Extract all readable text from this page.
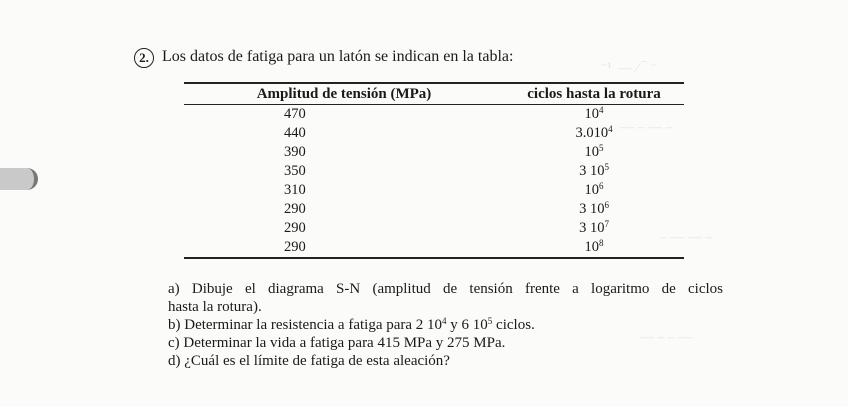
⁻¹  — ⁄ ‾ ⁻
— ‒ — ‒
‒ — — ‒
— ‒ ‒ —
2. Los datos de fatiga para un latón se indican en la tabla:
Amplitud de tensión (MPa)	ciclos hasta la rotura
470	$10^4$
440	3.010$^4$
390	$10^5$
350	3 $10^5$
310	$10^6$
290	3 $10^6$
290	3 $10^7$
290	$10^8$

a) Dibuje el diagrama S-N (amplitud de tensión frente a logaritmo de ciclos

hasta la rotura).

b) Determinar la resistencia a fatiga para 2 $10^4$ y 6 $10^5$ ciclos.

c) Determinar la vida a fatiga para 415 MPa y 275 MPa.

d) ¿Cuál es el límite de fatiga de esta aleación?
